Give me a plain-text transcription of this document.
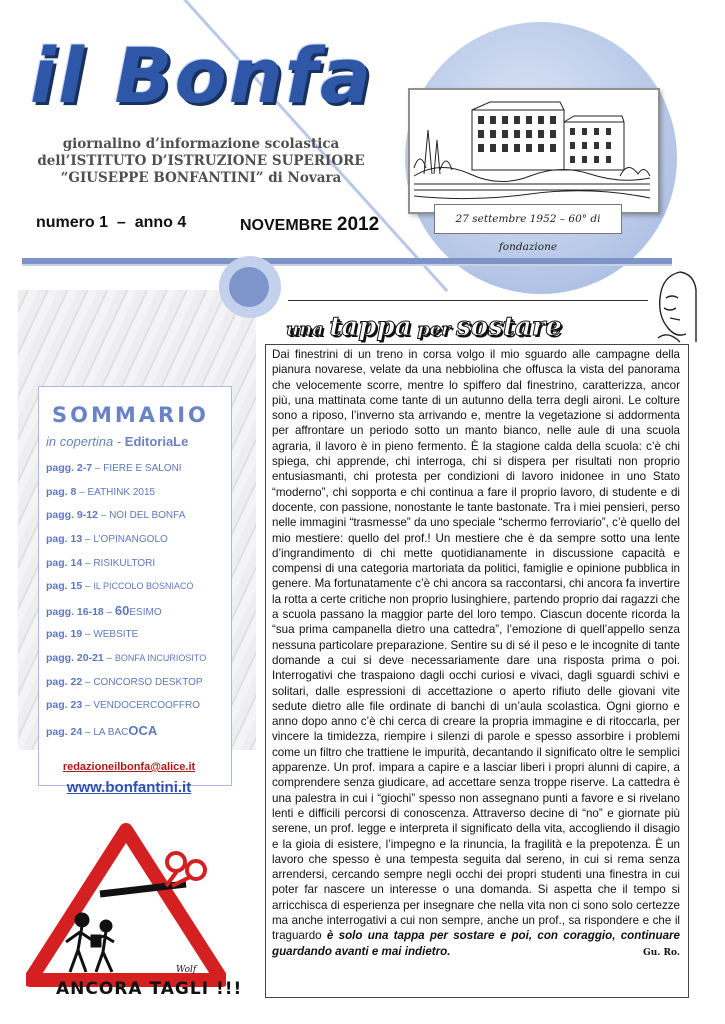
il Bonfa
giornalino d’informazione scolastica
dell’ISTITUTO D’ISTRUZIONE SUPERIORE
“GIUSEPPE BONFANTINI” di Novara
numero 1  –  anno 4	NOVEMBRE 2012	27 settembre 1952 – 60° di fondazione
SOMMARIO
in copertina - EditoriaLe
pagg. 2-7 – FIERE E SALONI
pag. 8 – EATHINK 2015
pagg. 9-12 – NOI DEL BONFA
pag. 13 – L’OPINANGOLO
pag. 14 – RISIKULTORI
pag. 15 – IL PICCOLO BOSNIACO
pagg. 16-18 – 60ESIMO
pag. 19 – WEBSITE
pagg. 20-21 – BONFA INCURIOSITO
pag. 22 – CONCORSO DESKTOP
pag. 23 – VENDOCERCOOFFRO
pag. 24 – LA BACOCA
redazioneilbonfa@alice.it
www.bonfantini.it
Wolf
ANCORA TAGLI !!!
una tappa per sostare
Dai finestrini di un treno in corsa volgo il mio sguardo alle campagne della pianura novarese, velate da una nebbiolina che offusca la vista del panorama che velocemente scorre, mentre lo spiffero dal finestrino, caratterizza, ancor più, una mattinata come tante di un autunno della terra degli aironi. Le colture sono a riposo, l’inverno sta arrivando e, mentre la vegetazione si addormenta per affrontare un periodo sotto un manto bianco, nelle aule di una scuola agraria, il lavoro è in pieno fermento. È la stagione calda della scuola: c’è chi spiega, chi apprende, chi interroga, chi si dispera per risultati non proprio entusiasmanti, chi protesta per condizioni di lavoro inidonee in uno Stato “moderno”, chi sopporta e chi continua a fare il proprio lavoro, di studente e di docente, con passione, nonostante le tante bastonate. Tra i miei pensieri, perso nelle immagini “trasmesse” da uno speciale “schermo ferroviario”, c’è quello del mio mestiere: quello del prof.! Un mestiere che è da sempre sotto una lente d’ingrandimento di chi mette quotidianamente in discussione capacità e compensi di una categoria martoriata da politici, famiglie e opinione pubblica in genere. Ma fortunatamente c’è chi ancora sa raccontarsi, chi ancora fa invertire la rotta a certe critiche non proprio lusinghiere, partendo proprio dai ragazzi che a scuola passano la maggior parte del loro tempo. Ciascun docente ricorda la “sua prima campanella dietro una cattedra”, l’emozione di quell’appello senza nessuna particolare preparazione. Sentire su di sé il peso e le incognite di tante domande a cui si deve necessariamente dare una risposta prima o poi. Interrogativi che traspaiono dagli occhi curiosi e vivaci, dagli sguardi schivi e solitari, dalle espressioni di accettazione o aperto rifiuto delle giovani vite sedute dietro alle file ordinate di banchi di un’aula scolastica. Ogni giorno e anno dopo anno c’è chi cerca di creare la propria immagine e di ritoccarla, per vincere la timidezza, riempire i silenzi di parole e spesso assorbire i problemi come un filtro che trattiene le impurità, decantando il significato oltre le semplici apparenze. Un prof. impara a capire e a lasciar liberi i propri alunni di capire, a comprendere senza giudicare, ad accettare senza troppe riserve. La cattedra è una palestra in cui i “giochi” spesso non assegnano punti a favore e si rivelano lenti e difficili percorsi di conoscenza. Attraverso decine di “no” e giornate più serene, un prof. legge e interpreta il significato della vita, accogliendo il disagio e la gioia di esistere, l’impegno e la rinuncia, la fragilità e la prepotenza. È un lavoro che spesso è una tempesta seguita dal sereno, in cui si rema senza arrendersi, cercando sempre negli occhi dei propri studenti una finestra in cui poter far nascere un interesse o una domanda. Si aspetta che il tempo si arricchisca di esperienza per insegnare che nella vita non ci sono solo certezze ma anche interrogativi a cui non sempre, anche un prof., sa rispondere e che il traguardo è solo una tappa per sostare e poi, con coraggio, continuare guardando avanti e mai indietro.	Gu. Ro.
